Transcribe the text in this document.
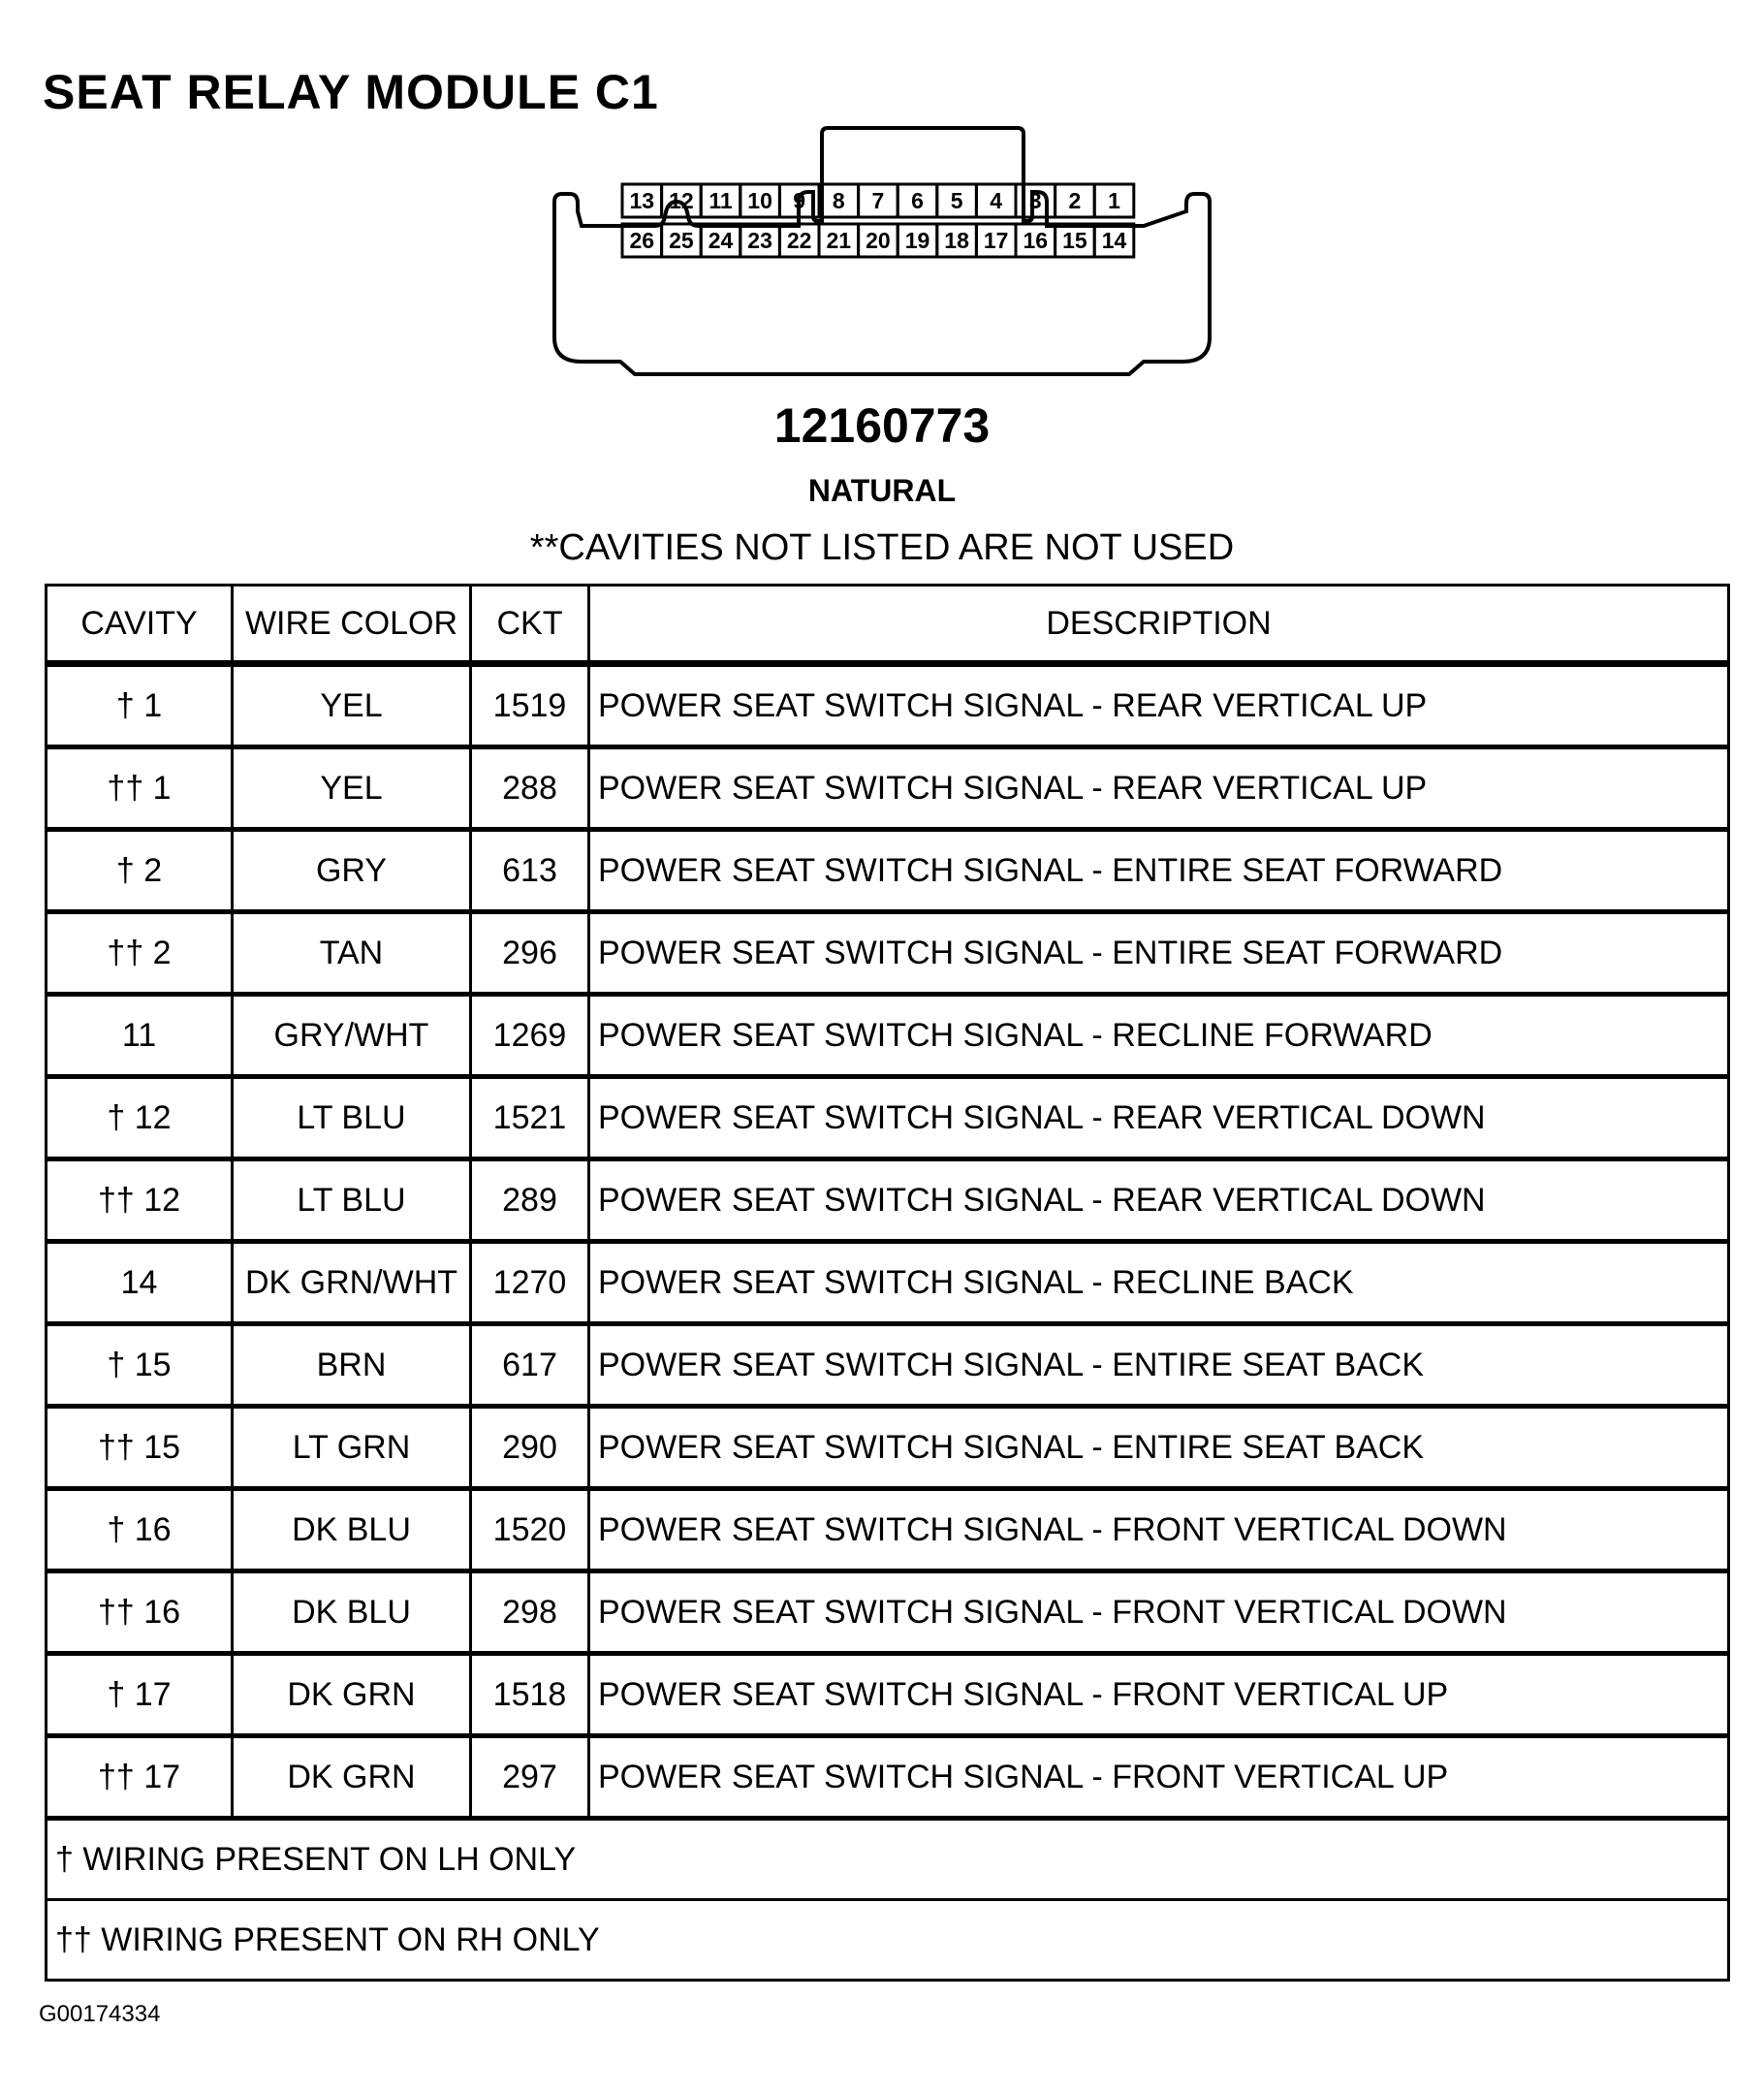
SEAT RELAY MODULE C1
13 12 11 10 9 8 7 6 5 4 3 2 1
26 25 24 23 22 21 20 19 18 17 16 15 14
12160773
NATURAL
**CAVITIES NOT LISTED ARE NOT USED
CAVITY	WIRE COLOR	CKT	DESCRIPTION
† 1	YEL	1519	POWER SEAT SWITCH SIGNAL - REAR VERTICAL UP
†† 1	YEL	288	POWER SEAT SWITCH SIGNAL - REAR VERTICAL UP
† 2	GRY	613	POWER SEAT SWITCH SIGNAL - ENTIRE SEAT FORWARD
†† 2	TAN	296	POWER SEAT SWITCH SIGNAL - ENTIRE SEAT FORWARD
11	GRY/WHT	1269	POWER SEAT SWITCH SIGNAL - RECLINE FORWARD
† 12	LT BLU	1521	POWER SEAT SWITCH SIGNAL - REAR VERTICAL DOWN
†† 12	LT BLU	289	POWER SEAT SWITCH SIGNAL - REAR VERTICAL DOWN
14	DK GRN/WHT	1270	POWER SEAT SWITCH SIGNAL - RECLINE BACK
† 15	BRN	617	POWER SEAT SWITCH SIGNAL - ENTIRE SEAT BACK
†† 15	LT GRN	290	POWER SEAT SWITCH SIGNAL - ENTIRE SEAT BACK
† 16	DK BLU	1520	POWER SEAT SWITCH SIGNAL - FRONT VERTICAL DOWN
†† 16	DK BLU	298	POWER SEAT SWITCH SIGNAL - FRONT VERTICAL DOWN
† 17	DK GRN	1518	POWER SEAT SWITCH SIGNAL - FRONT VERTICAL UP
†† 17	DK GRN	297	POWER SEAT SWITCH SIGNAL - FRONT VERTICAL UP
† WIRING PRESENT ON LH ONLY			
†† WIRING PRESENT ON RH ONLY			
G00174334
